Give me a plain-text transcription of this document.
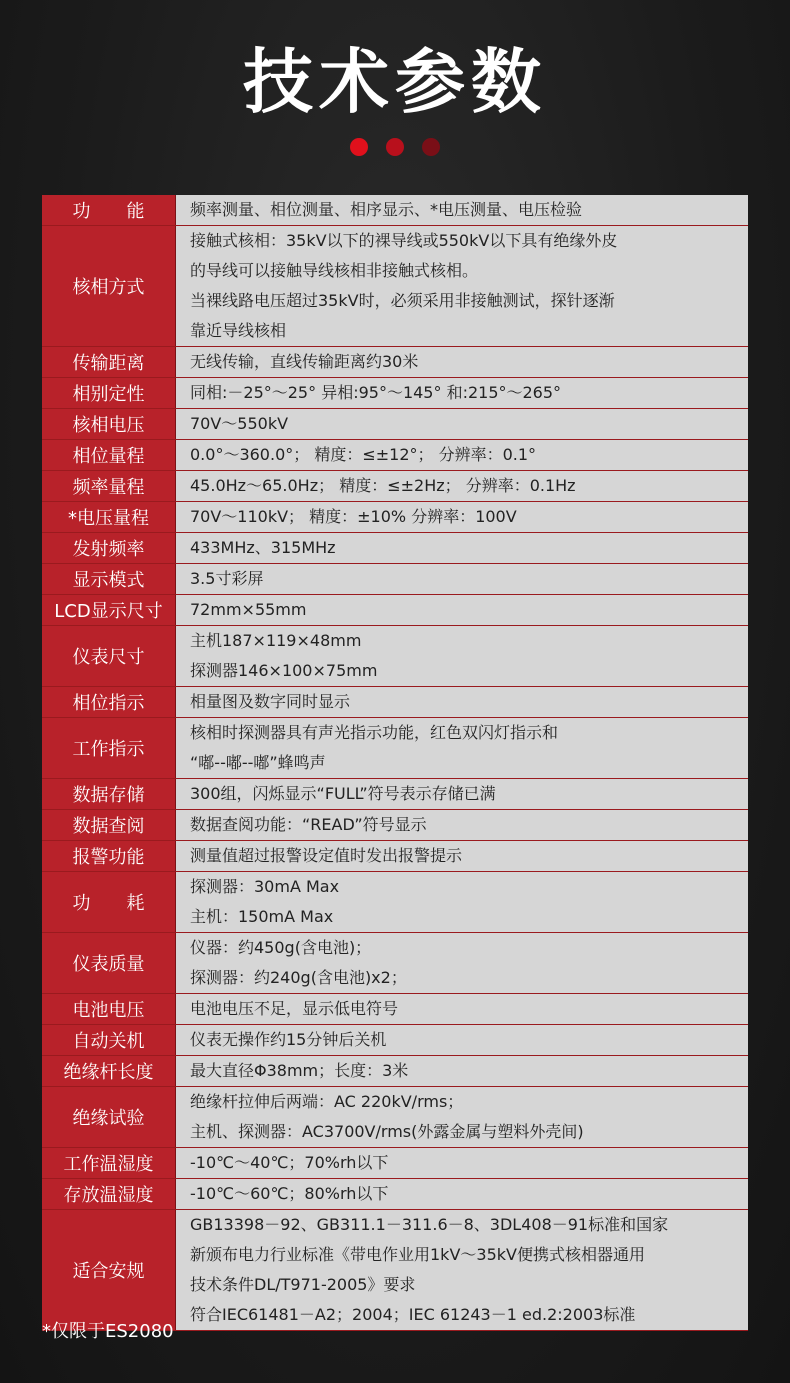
技术参数
功　　能	频率测量、相位测量、相序显示、*电压测量、电压检验

核相方式	接触式核相：35kV以下的裸导线或550kV以下具有绝缘外皮
的导线可以接触导线核相非接触式核相。
当裸线路电压超过35kV时，必须采用非接触测试，探针逐渐
靠近导线核相

传输距离	无线传输，直线传输距离约30米

相别定性	同相:－25°～25° 异相:95°～145° 和:215°～265°

核相电压	70V～550kV

相位量程	0.0°～360.0°； 精度：≤±12°； 分辨率：0.1°

频率量程	45.0Hz～65.0Hz； 精度：≤±2Hz； 分辨率：0.1Hz

*电压量程	70V～110kV； 精度：±10% 分辨率：100V

发射频率	433MHz、315MHz

显示模式	3.5寸彩屏

LCD显示尺寸	72mm×55mm

仪表尺寸	主机187×119×48mm
探测器146×100×75mm

相位指示	相量图及数字同时显示

工作指示	核相时探测器具有声光指示功能，红色双闪灯指示和
“嘟--嘟--嘟”蜂鸣声

数据存储	300组，闪烁显示“FULL”符号表示存储已满

数据查阅	数据查阅功能：“READ”符号显示

报警功能	测量值超过报警设定值时发出报警提示

功　　耗	探测器：30mA Max
主机：150mA Max

仪表质量	仪器：约450g(含电池)；
探测器：约240g(含电池)x2；

电池电压	电池电压不足，显示低电符号

自动关机	仪表无操作约15分钟后关机

绝缘杆长度	最大直径Φ38mm；长度：3米

绝缘试验	绝缘杆拉伸后两端：AC 220kV/rms；
主机、探测器：AC3700V/rms(外露金属与塑料外壳间)

工作温湿度	-10℃～40℃；70%rh以下

存放温湿度	-10℃～60℃；80%rh以下

适合安规	GB13398－92、GB311.1－311.6－8、3DL408－91标准和国家
新颁布电力行业标准《带电作业用1kV～35kV便携式核相器通用
技术条件DL/T971-2005》要求
符合IEC61481－A2；2004；IEC 61243－1 ed.2:2003标准
*仅限于ES2080
